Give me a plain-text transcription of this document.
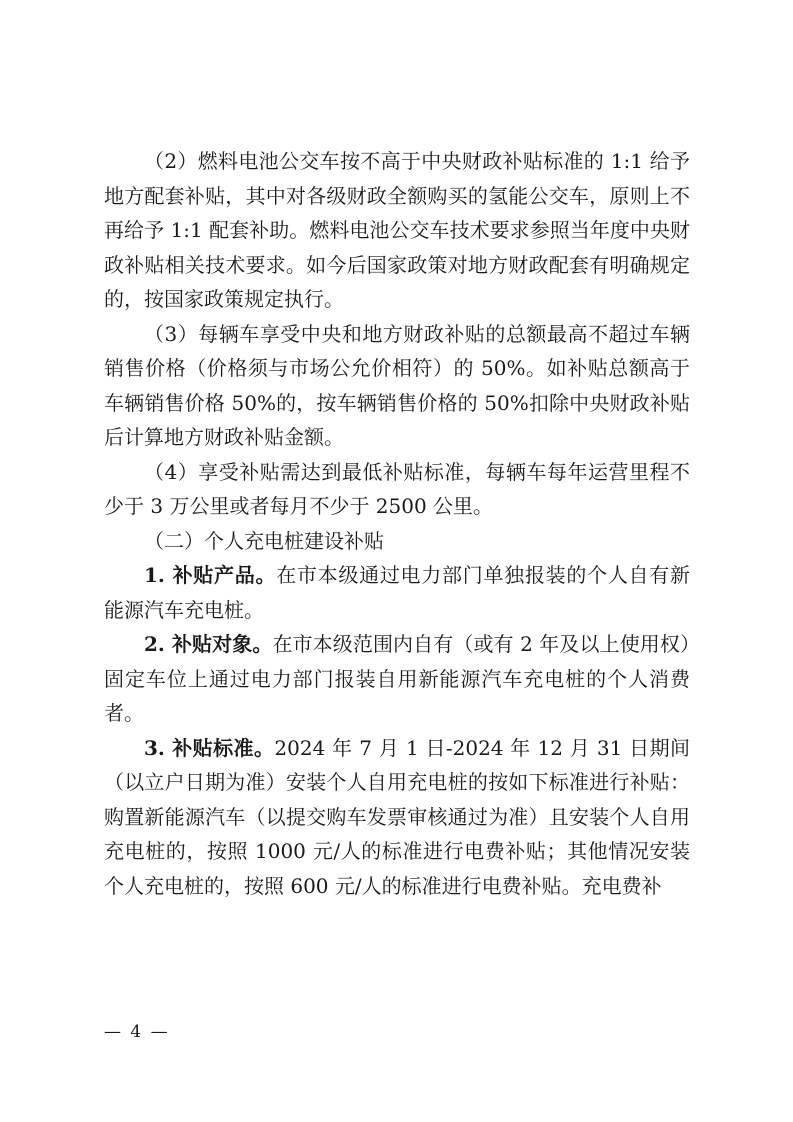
（2）燃料电池公交车按不高于中央财政补贴标准的 1:1 给予地方配套补贴，其中对各级财政全额购买的氢能公交车，原则上不再给予 1:1 配套补助。燃料电池公交车技术要求参照当年度中央财政补贴相关技术要求。如今后国家政策对地方财政配套有明确规定的，按国家政策规定执行。

（3）每辆车享受中央和地方财政补贴的总额最高不超过车辆销售价格（价格须与市场公允价相符）的 50%。如补贴总额高于车辆销售价格 50%的，按车辆销售价格的 50%扣除中央财政补贴后计算地方财政补贴金额。

（4）享受补贴需达到最低补贴标准，每辆车每年运营里程不少于 3 万公里或者每月不少于 2500 公里。

（二）个人充电桩建设补贴

1. 补贴产品。在市本级通过电力部门单独报装的个人自有新能源汽车充电桩。

2. 补贴对象。在市本级范围内自有（或有 2 年及以上使用权）固定车位上通过电力部门报装自用新能源汽车充电桩的个人消费者。

3. 补贴标准。2024 年 7 月 1 日-2024 年 12 月 31 日期间（以立户日期为准）安装个人自用充电桩的按如下标准进行补贴：购置新能源汽车（以提交购车发票审核通过为准）且安装个人自用充电桩的，按照 1000 元/人的标准进行电费补贴；其他情况安装个人充电桩的，按照 600 元/人的标准进行电费补贴。充电费补

— 4 —
